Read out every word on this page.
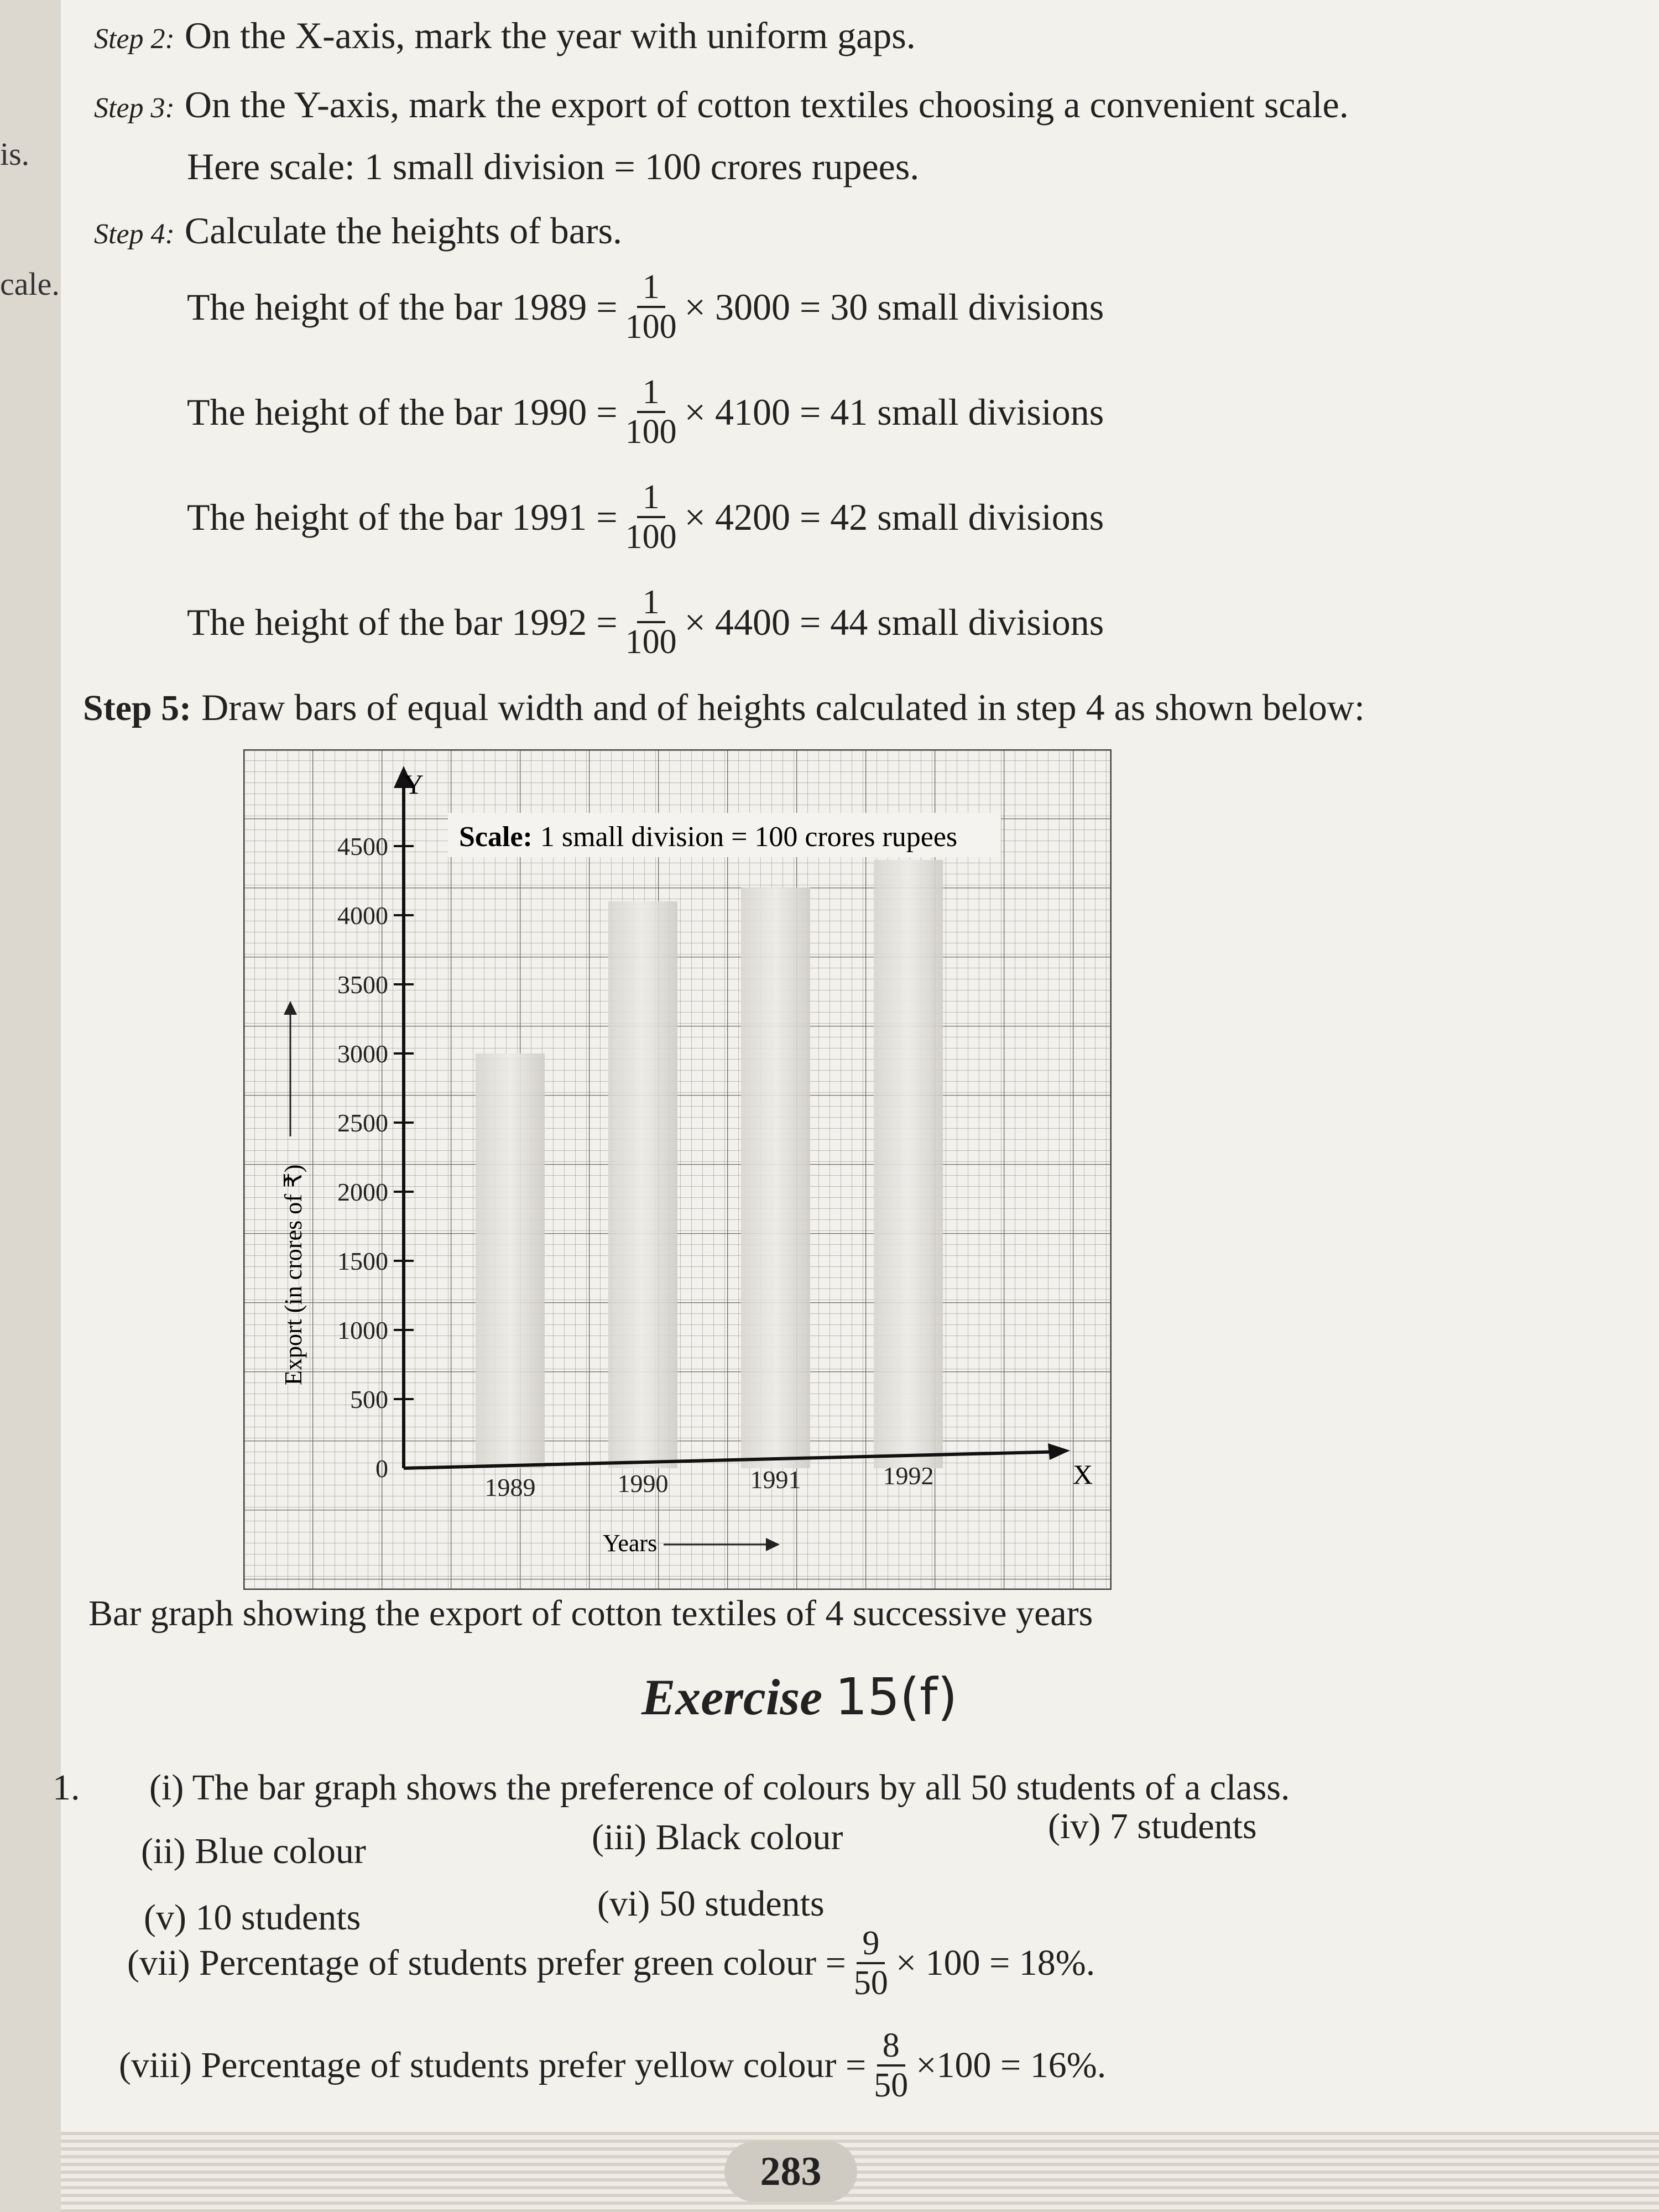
is.
cale.
Step 2: On the X-axis, mark the year with uniform gaps.
Step 3: On the Y-axis, mark the export of cotton textiles choosing a convenient scale.
Here scale: 1 small division = 100 crores rupees.
Step 4: Calculate the heights of bars.
The height of the bar $1989 = \frac{1}{100} \times 3000 = 30$ small divisions
The height of the bar $1990 = \frac{1}{100} \times 4100 = 41$ small divisions
The height of the bar $1991 = \frac{1}{100} \times 4200 = 42$ small divisions
The height of the bar $1992 = \frac{1}{100} \times 4400 = 44$ small divisions
Step 5: Draw bars of equal width and of heights calculated in step 4 as shown below:
0
500
1000
1500
2000
2500
3000
3500
4000
4500
1989	1990	1991	1992
Scale: 1 small division = 100 crores rupees
Export (in crores of ₹)
Years
Y
X
Bar graph showing the export of cotton textiles of 4 successive years
Exercise 15(f)
1. (i) The bar graph shows the preference of colours by all 50 students of a class.
(ii) Blue colour	(iii) Black colour	(iv) 7 students
(v) 10 students	(vi) 50 students
(vii) Percentage of students prefer green colour = $\frac{9}{50} \times 100 = 18\%$.
(viii) Percentage of students prefer yellow colour = $\frac{8}{50} \times 100 = 16\%$.
283
